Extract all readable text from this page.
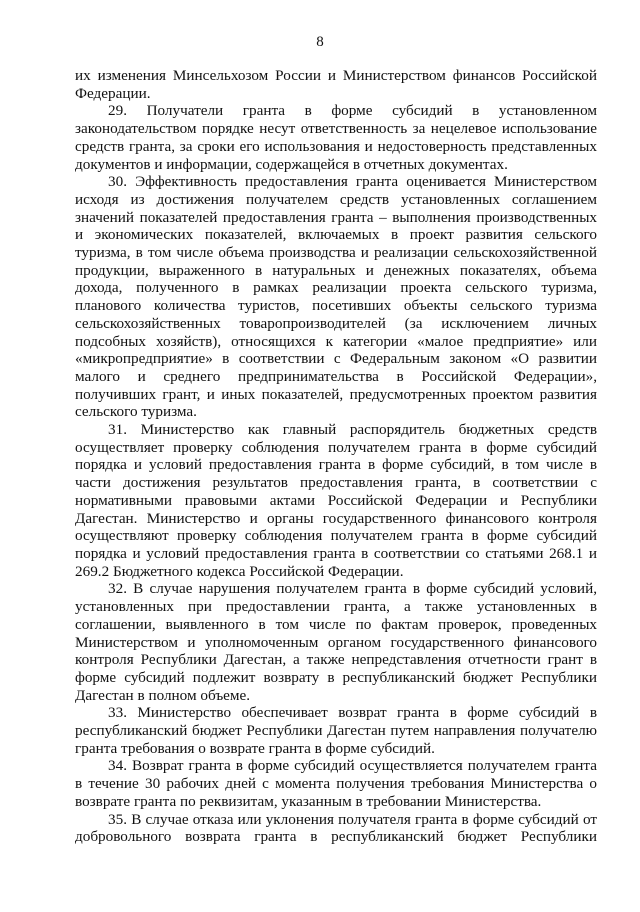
8

их изменения Минсельхозом России и Министерством финансов Российской Федерации.

29. Получатели гранта в форме субсидий в установленном законодательством порядке несут ответственность за нецелевое использование средств гранта, за сроки его использования и недостоверность представленных документов и информации, содержащейся в отчетных документах.

30. Эффективность предоставления гранта оценивается Министерством исходя из достижения получателем средств установленных соглашением значений показателей предоставления гранта – выполнения производственных и экономических показателей, включаемых в проект развития сельского туризма, в том числе объема производства и реализации сельскохозяйственной продукции, выраженного в натуральных и денежных показателях, объема дохода, полученного в рамках реализации проекта сельского туризма, планового количества туристов, посетивших объекты сельского туризма сельскохозяйственных товаропроизводителей (за исключением личных подсобных хозяйств), относящихся к категории «малое предприятие» или «микропредприятие» в соответствии с Федеральным законом «О развитии малого и среднего предпринимательства в Российской Федерации», получивших грант, и иных показателей, предусмотренных проектом развития сельского туризма.

31. Министерство как главный распорядитель бюджетных средств осуществляет проверку соблюдения получателем гранта в форме субсидий порядка и условий предоставления гранта в форме субсидий, в том числе в части достижения результатов предоставления гранта, в соответствии с нормативными правовыми актами Российской Федерации и Республики Дагестан. Министерство и органы государственного финансового контроля осуществляют проверку соблюдения получателем гранта в форме субсидий порядка и условий предоставления гранта в соответствии со статьями 268.1 и 269.2 Бюджетного кодекса Российской Федерации.

32. В случае нарушения получателем гранта в форме субсидий условий, установленных при предоставлении гранта, а также установленных в соглашении, выявленного в том числе по фактам проверок, проведенных Министерством и уполномоченным органом государственного финансового контроля Республики Дагестан, а также непредставления отчетности грант в форме субсидий подлежит возврату в республиканский бюджет Республики Дагестан в полном объеме.

33. Министерство обеспечивает возврат гранта в форме субсидий в республиканский бюджет Республики Дагестан путем направления получателю гранта требования о возврате гранта в форме субсидий.

34. Возврат гранта в форме субсидий осуществляется получателем гранта в течение 30 рабочих дней с момента получения требования Министерства о возврате гранта по реквизитам, указанным в требовании Министерства.

35. В случае отказа или уклонения получателя гранта в форме субсидий от добровольного возврата гранта в республиканский бюджет Республики
